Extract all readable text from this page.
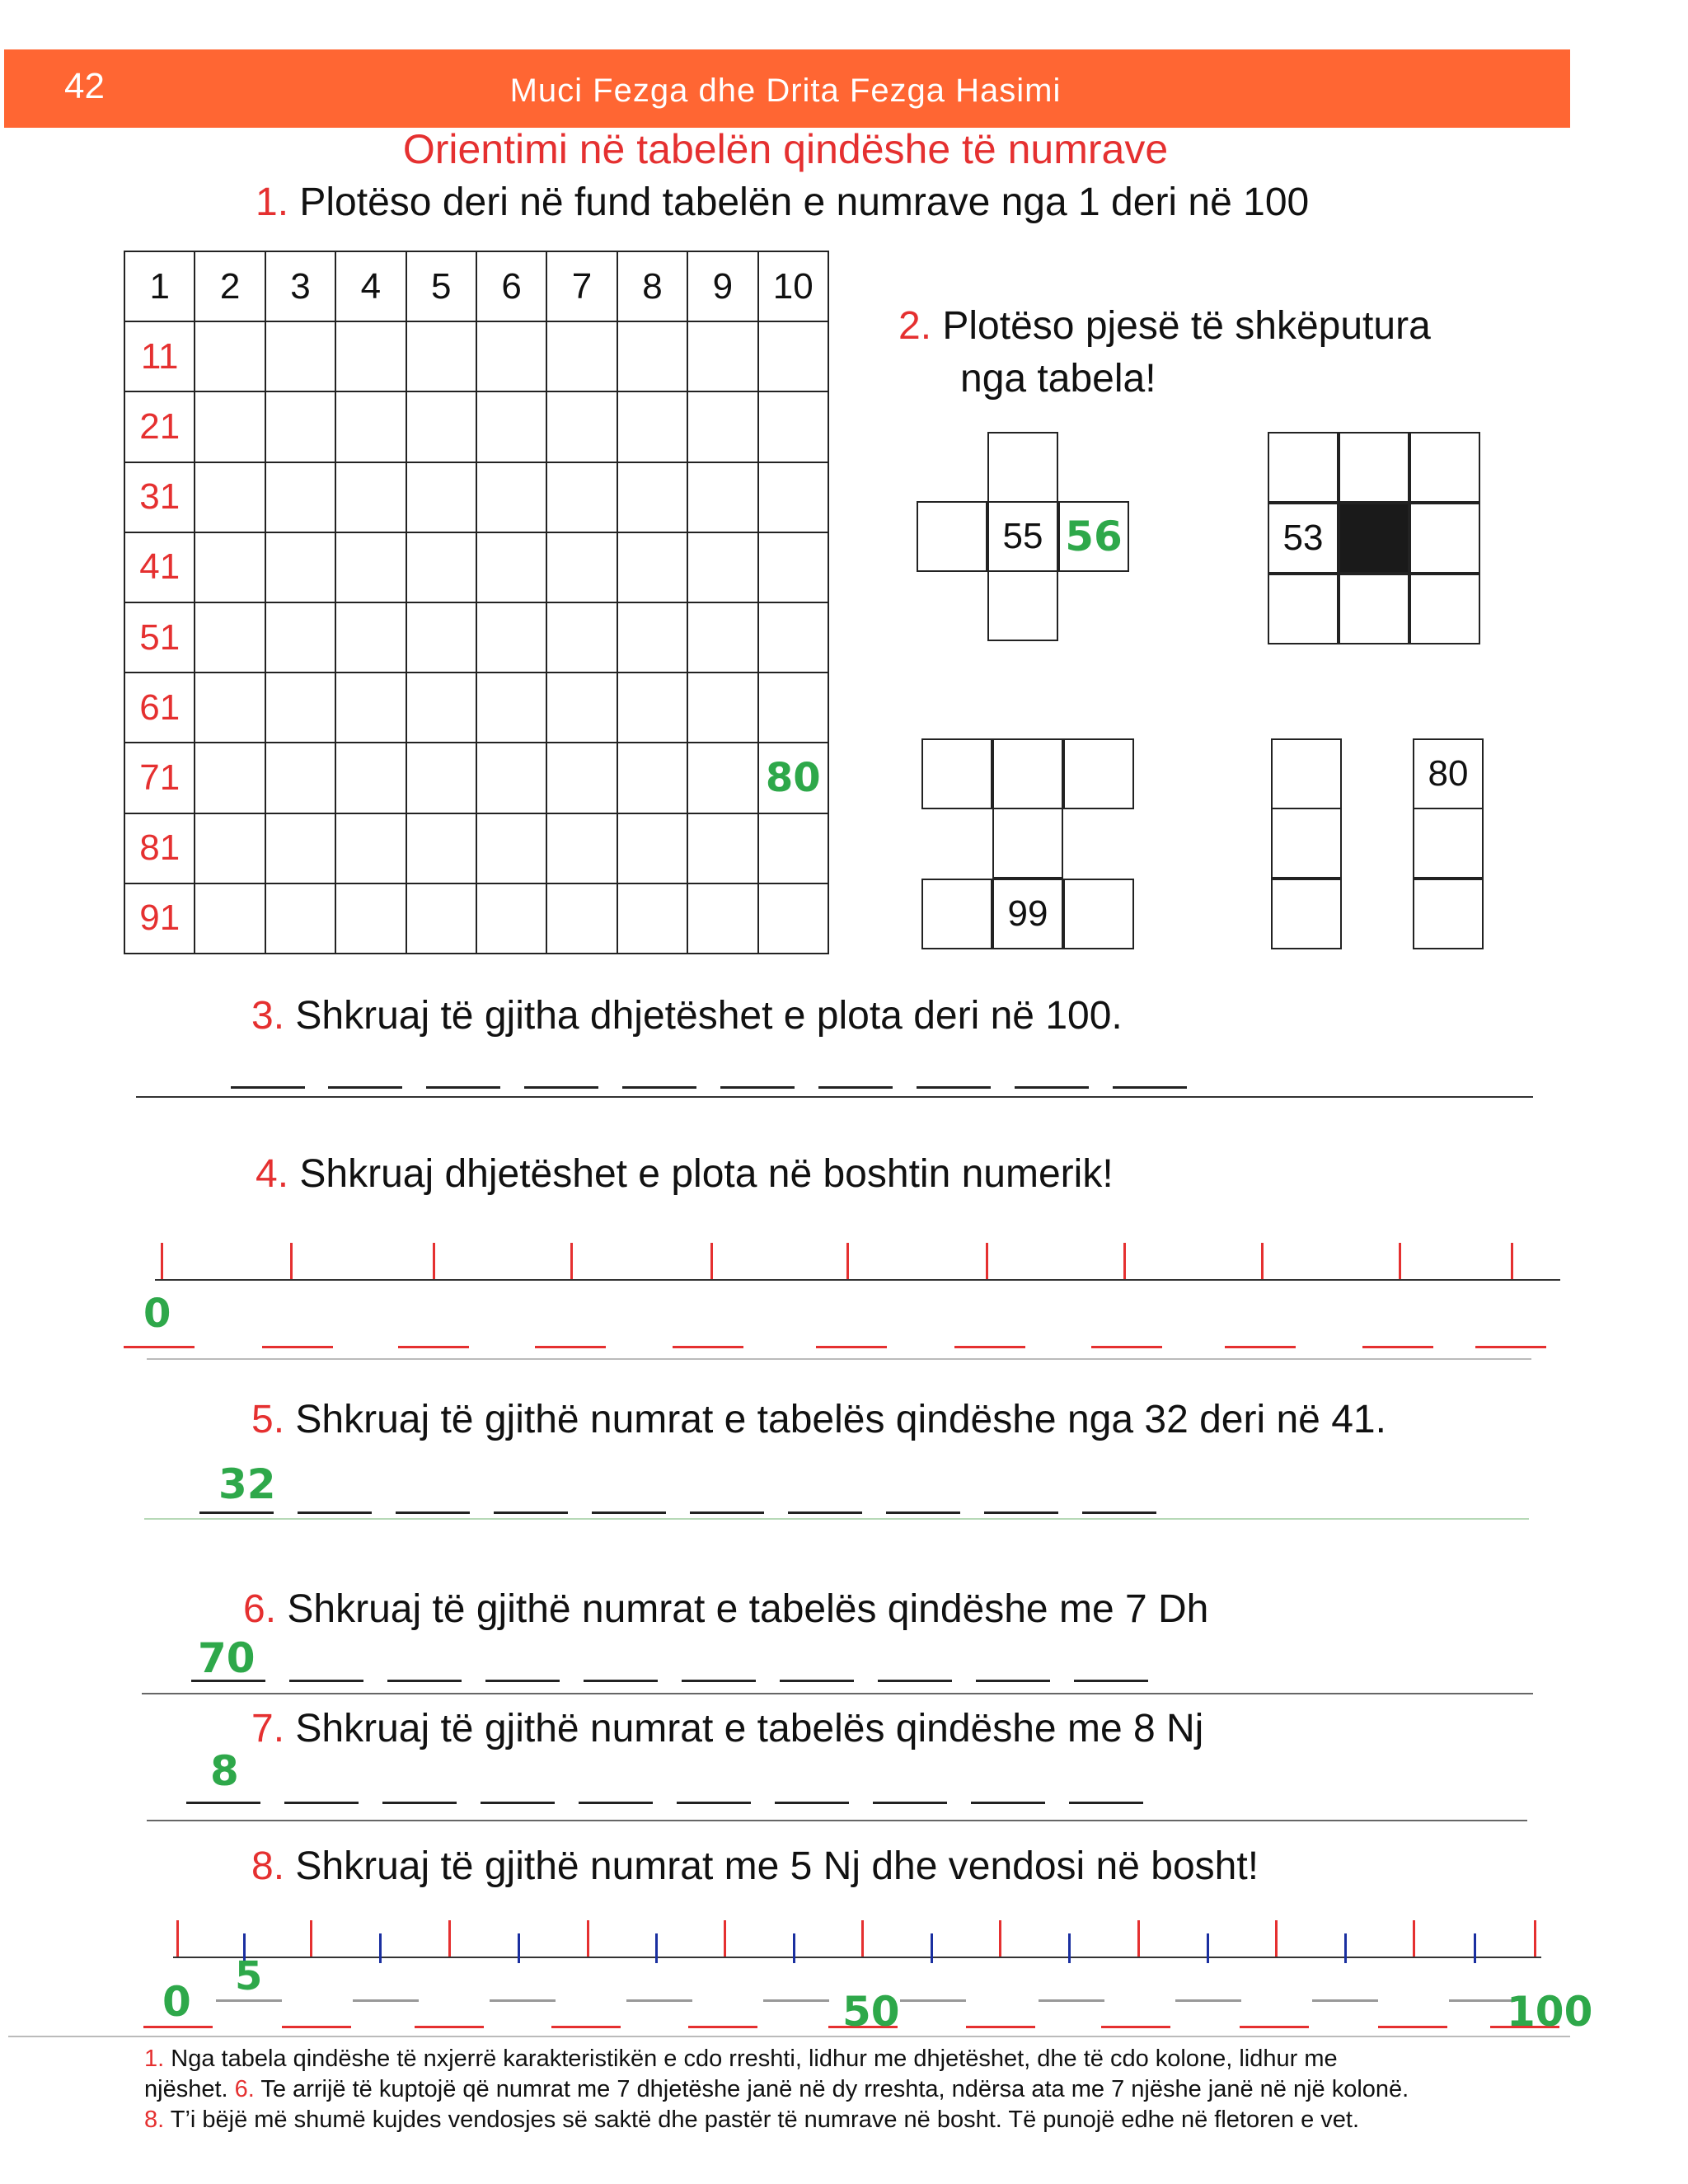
42	Muci Fezga dhe Drita Fezga Hasimi
Orientimi në tabelën qindëshe të numrave
1. Plotëso deri në fund tabelën e numrave nga 1 deri në 100
1	2	3	4	5	6	7	8	9	10
11									
21									
31									
41									
51									
61									
71									80
81									
91									
2. Plotëso pjesë të shkëputura
nga tabela!
55 56	53
99
80
3. Shkruaj të gjitha dhjetëshet e plota deri në 100.
4. Shkruaj dhjetëshet e plota në boshtin numerik!
0
5. Shkruaj të gjithë numrat e tabelës qindëshe nga 32 deri në 41.
32
6. Shkruaj të gjithë numrat e tabelës qindëshe me 7 Dh
70
7. Shkruaj të gjithë numrat e tabelës qindëshe me 8 Nj
8
8. Shkruaj të gjithë numrat me 5 Nj dhe vendosi në bosht!
0
5
50	100
1. Nga tabela qindëshe të nxjerrë karakteristikën e cdo rreshti, lidhur me dhjetëshet, dhe të cdo kolone, lidhur me
njëshet. 6. Te arrijë të kuptojë që numrat me 7 dhjetëshe janë në dy rreshta, ndërsa ata me 7 njëshe janë në një kolonë.
8. T’i bëjë më shumë kujdes vendosjes së saktë dhe pastër të numrave në bosht. Të punojë edhe në fletoren e vet.
